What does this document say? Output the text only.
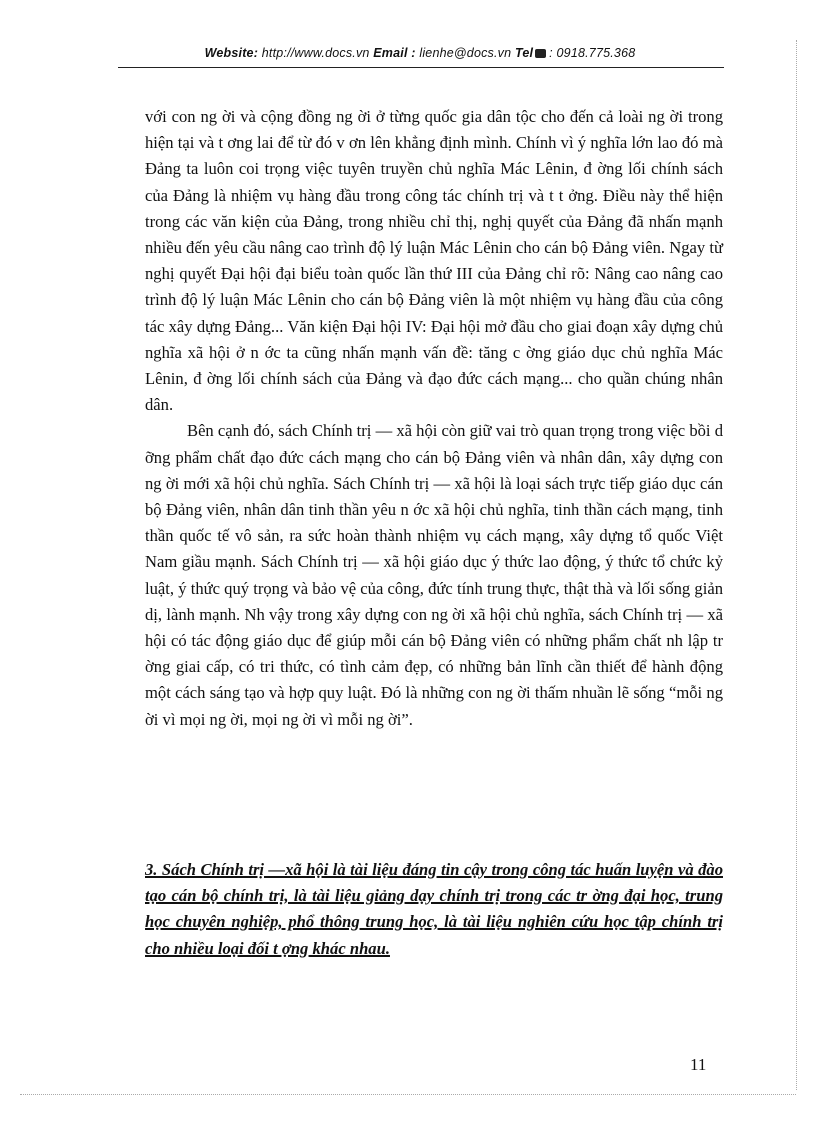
Website: http://www.docs.vn Email : lienhe@docs.vn Tel : 0918.775.368

với con ng ời và cộng đồng ng ời ở từng quốc gia dân tộc cho đến cả loài ng ời trong hiện tại và t ơng lai để từ đó v ơn lên khẳng định mình. Chính vì ý nghĩa lớn lao đó mà Đảng ta luôn coi trọng việc tuyên truyền chủ nghĩa Mác Lênin, đ ờng lối chính sách của Đảng là nhiệm vụ hàng đầu trong công tác chính trị và t t ởng. Điều này thể hiện trong các văn kiện của Đảng, trong nhiều chỉ thị, nghị quyết của Đảng đã nhấn mạnh nhiều đến yêu cầu nâng cao trình độ lý luận Mác Lênin cho cán bộ Đảng viên. Ngay từ nghị quyết Đại hội đại biểu toàn quốc lần thứ III của Đảng chỉ rõ: Nâng cao nâng cao trình độ lý luận Mác Lênin cho cán bộ Đảng viên là một nhiệm vụ hàng đầu của công tác xây dựng Đảng... Văn kiện Đại hội IV: Đại hội mở đầu cho giai đoạn xây dựng chủ nghĩa xã hội ở n ớc ta cũng nhấn mạnh vấn đề: tăng c ờng giáo dục chủ nghĩa Mác Lênin, đ ờng lối chính sách của Đảng và đạo đức cách mạng... cho quần chúng nhân dân.

Bên cạnh đó, sách Chính trị — xã hội còn giữ vai trò quan trọng trong việc bồi d ỡng phẩm chất đạo đức cách mạng cho cán bộ Đảng viên và nhân dân, xây dựng con ng ời mới xã hội chủ nghĩa. Sách Chính trị — xã hội là loại sách trực tiếp giáo dục cán bộ Đảng viên, nhân dân tinh thần yêu n ớc xã hội chủ nghĩa, tinh thần cách mạng, tinh thần quốc tế vô sản, ra sức hoàn thành nhiệm vụ cách mạng, xây dựng tổ quốc Việt Nam giầu mạnh. Sách Chính trị — xã hội giáo dục ý thức lao động, ý thức tổ chức kỷ luật, ý thức quý trọng và bảo vệ của công, đức tính trung thực, thật thà và lối sống giản dị, lành mạnh. Nh vậy trong xây dựng con ng ời xã hội chủ nghĩa, sách Chính trị — xã hội có tác động giáo dục để giúp mỗi cán bộ Đảng viên có những phẩm chất nh lập tr ờng giai cấp, có tri thức, có tình cảm đẹp, có những bản lĩnh cần thiết để hành động một cách sáng tạo và hợp quy luật. Đó là những con ng ời thấm nhuần lẽ sống “mỗi ng ời vì mọi ng ời, mọi ng ời vì mỗi ng ời”.

3. Sách Chính trị —xã hội là tài liệu đáng tin cậy trong công tác huấn luyện và đào tạo cán bộ chính trị, là tài liệu giảng dạy chính trị trong các tr ờng đại học, trung học chuyên nghiệp, phổ thông trung học, là tài liệu nghiên cứu học tập chính trị cho nhiều loại đối t ợng khác nhau.
11
